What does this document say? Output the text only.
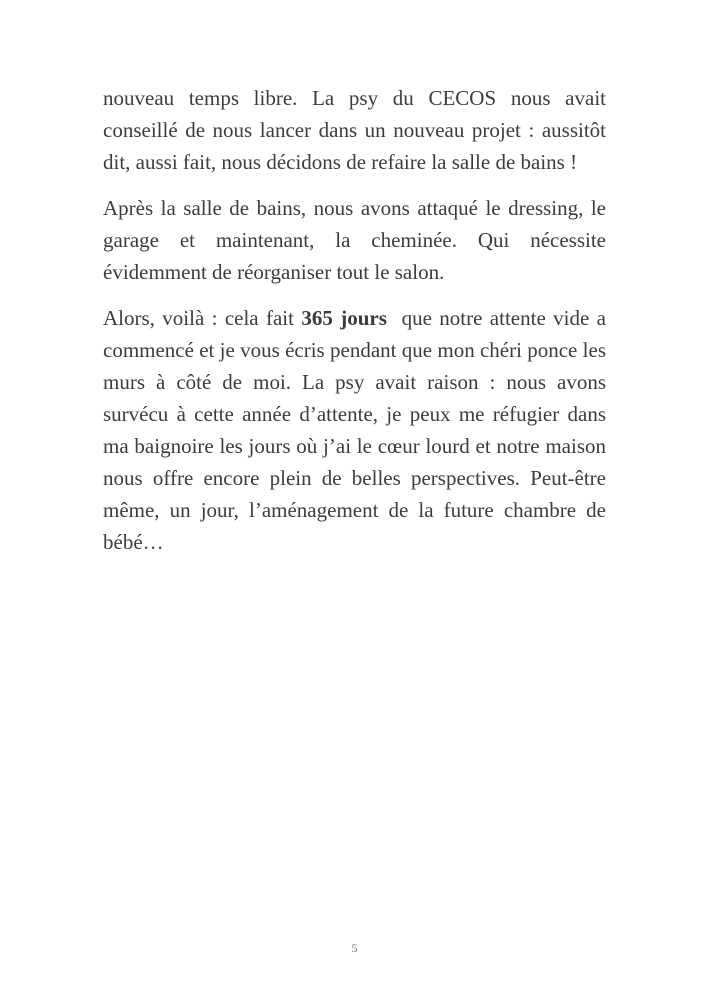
nouveau temps libre. La psy du CECOS nous avait conseillé de nous lancer dans un nouveau projet : aussitôt dit, aussi fait, nous décidons de refaire la salle de bains !

Après la salle de bains, nous avons attaqué le dressing, le garage et maintenant, la cheminée. Qui nécessite évidemment de réorganiser tout le salon.

Alors, voilà : cela fait 365 jours  que notre attente vide a commencé et je vous écris pendant que mon chéri ponce les murs à côté de moi. La psy avait raison : nous avons survécu à cette année d’attente, je peux me réfugier dans ma baignoire les jours où j’ai le cœur lourd et notre maison nous offre encore plein de belles perspectives. Peut-être même, un jour, l’aménagement de la future chambre de bébé…

5
